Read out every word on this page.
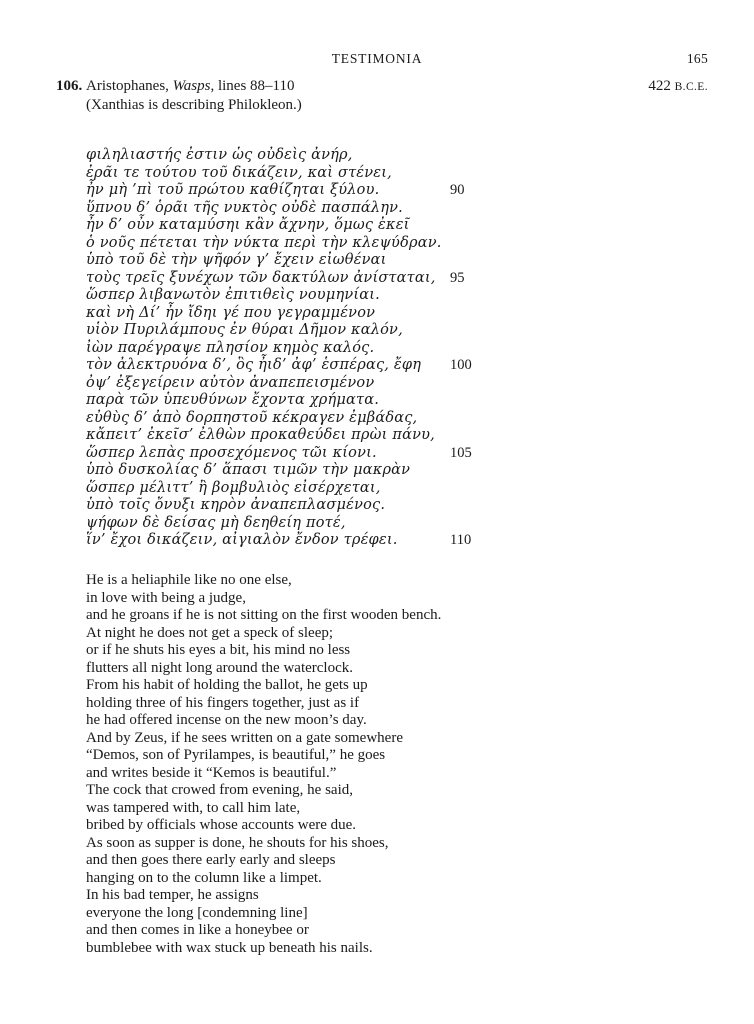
TESTIMONIA	165
106. Aristophanes, Wasps, lines 88–110	422 B.C.E.
(Xanthias is describing Philokleon.)
φιληλιαστής ἐστιν ὡς οὐδεὶς ἀνήρ,
ἐρᾶι τε τούτου τοῦ δικάζειν, καὶ στένει,
ἦν μὴ ’πὶ τοῦ πρώτου καθίζηται ξύλου.	90
ὕπνου δ’ ὁρᾶι τῆς νυκτὸς οὐδὲ πασπάλην.
ἦν δ’ οὖν καταμύσηι κἂν ἄχνην, ὅμως ἐκεῖ
ὁ νοῦς πέτεται τὴν νύκτα περὶ τὴν κλεψύδραν.
ὑπὸ τοῦ δὲ τὴν ψῆφόν γ’ ἔχειν εἰωθέναι
τοὺς τρεῖς ξυνέχων τῶν δακτύλων ἀνίσταται, 95
ὥσπερ λιβανωτὸν ἐπιτιθεὶς νουμηνίαι.
καὶ νὴ Δί’ ἦν ἴδηι γέ που γεγραμμένον
υἱὸν Πυριλάμπους ἐν θύραι Δῆμον καλόν,
ἰὼν παρέγραψε πλησίον κημὸς καλός.
τὸν ἀλεκτρυόνα δ’, ὃς ἦιδ’ ἀφ’ ἑσπέρας, ἔφη 100
ὀψ’ ἐξεγείρειν αὐτὸν ἀναπεπεισμένον
παρὰ τῶν ὑπευθύνων ἔχοντα χρήματα.
εὐθὺς δ’ ἀπὸ δορπηστοῦ κέκραγεν ἐμβάδας,
κἄπειτ’ ἐκεῖσ’ ἐλθὼν προκαθεύδει πρὼι πάνυ,
ὥσπερ λεπὰς προσεχόμενος τῶι κίονι.	105
ὑπὸ δυσκολίας δ’ ἅπασι τιμῶν τὴν μακρὰν
ὥσπερ μέλιττ’ ἢ βομβυλιὸς εἰσέρχεται,
ὑπὸ τοῖς ὄνυξι κηρὸν ἀναπεπλασμένος.
ψήφων δὲ δείσας μὴ δεηθείη ποτέ,
ἵν’ ἔχοι δικάζειν, αἰγιαλὸν ἔνδον τρέφει.	110
He is a heliaphile like no one else,
in love with being a judge,
and he groans if he is not sitting on the first wooden bench.
At night he does not get a speck of sleep;
or if he shuts his eyes a bit, his mind no less
flutters all night long around the waterclock.
From his habit of holding the ballot, he gets up
holding three of his fingers together, just as if
he had offered incense on the new moon’s day.
And by Zeus, if he sees written on a gate somewhere
“Demos, son of Pyrilampes, is beautiful,” he goes
and writes beside it “Kemos is beautiful.”
The cock that crowed from evening, he said,
was tampered with, to call him late,
bribed by officials whose accounts were due.
As soon as supper is done, he shouts for his shoes,
and then goes there early early and sleeps
hanging on to the column like a limpet.
In his bad temper, he assigns
everyone the long [condemning line]
and then comes in like a honeybee or
bumblebee with wax stuck up beneath his nails.
